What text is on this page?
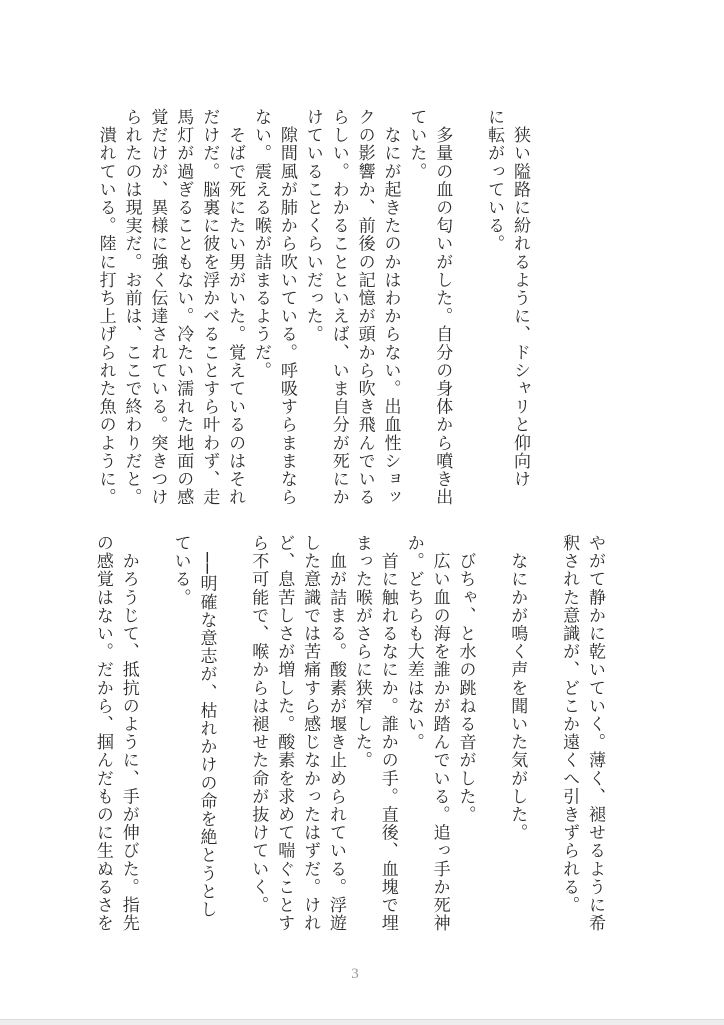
　狭い隘路に紛れるように、ドシャリと仰向け
に転がっている。
　多量の血の匂いがした。自分の身体から噴き出
ていた。
　なにが起きたのかはわからない。出血性ショッ
クの影響か、前後の記憶が頭から吹き飛んでいる
らしい。わかることといえば、いま自分が死にか
けていることくらいだった。
　隙間風が肺から吹いている。呼吸すらままなら
ない。震える喉が詰まるようだ。
　そばで死にたい男がいた。覚えているのはそれ
だけだ。脳裏に彼を浮かべることすら叶わず、走
馬灯が過ぎることもない。冷たい濡れた地面の感
覚だけが、異様に強く伝達されている。突きつけ
られたのは現実だ。お前は、ここで終わりだと。
　潰れている。陸に打ち上げられた魚のように。
やがて静かに乾いていく。薄く、褪せるように希
釈された意識が、どこか遠くへ引きずられる。
　なにかが鳴く声を聞いた気がした。
　びちゃ、と水の跳ねる音がした。
　広い血の海を誰かが踏んでいる。追っ手か死神
か。どちらも大差はない。
　首に触れるなにか。誰かの手。直後、血塊で埋
まった喉がさらに狭窄した。
　血が詰まる。酸素が堰き止められている。浮遊
した意識では苦痛すら感じなかったはずだ。けれ
ど、息苦しさが増した。酸素を求めて喘ぐことす
ら不可能で、喉からは褪せた命が抜けていく。
　──明確な意志が、枯れかけの命を絶とうとし
ている。
　かろうじて、抵抗のように、手が伸びた。指先
の感覚はない。だから、掴んだものに生ぬるさを
3
